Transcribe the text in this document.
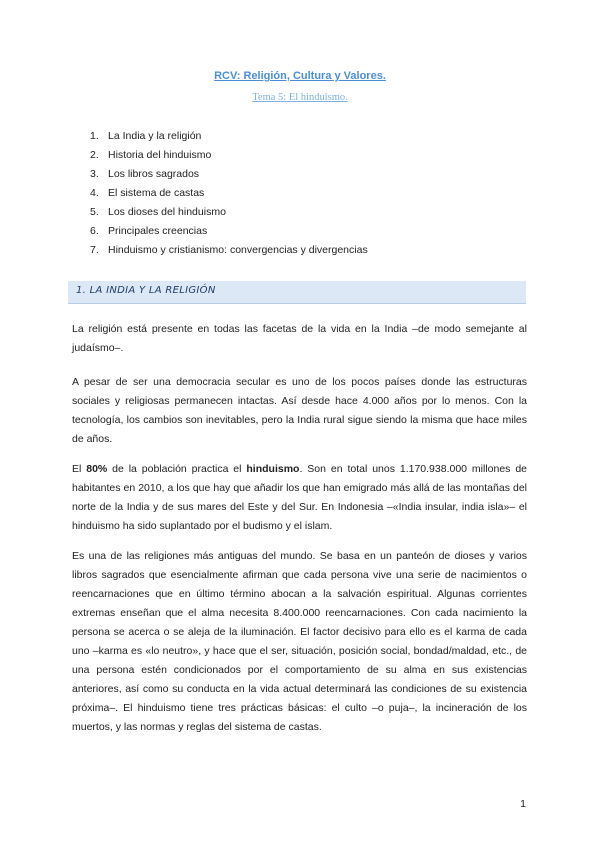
RCV: Religión, Cultura y Valores.
Tema 5: El hinduismo.
1. La India y la religión
2. Historia del hinduismo
3. Los libros sagrados
4. El sistema de castas
5. Los dioses del hinduismo
6. Principales creencias
7. Hinduismo y cristianismo: convergencias y divergencias
1. LA INDIA Y LA RELIGIÓN

La religión está presente en todas las facetas de la vida en la India –de modo semejante al judaísmo–.

A pesar de ser una democracia secular es uno de los pocos países donde las estructuras sociales y religiosas permanecen intactas. Así desde hace 4.000 años por lo menos. Con la tecnología, los cambios son inevitables, pero la India rural sigue siendo la misma que hace miles de años.

El 80% de la población practica el hinduismo. Son en total unos 1.170.938.000 millones de habitantes en 2010, a los que hay que añadir los que han emigrado más allá de las montañas del norte de la India y de sus mares del Este y del Sur. En Indonesia –«India insular, india isla»– el hinduismo ha sido suplantado por el budismo y el islam.

Es una de las religiones más antiguas del mundo. Se basa en un panteón de dioses y varios libros sagrados que esencialmente afirman que cada persona vive una serie de nacimientos o reencarnaciones que en último término abocan a la salvación espiritual. Algunas corrientes extremas enseñan que el alma necesita 8.400.000 reencarnaciones. Con cada nacimiento la persona se acerca o se aleja de la iluminación. El factor decisivo para ello es el karma de cada uno –karma es «lo neutro», y hace que el ser, situación, posición social, bondad/maldad, etc., de una persona estén condicionados por el comportamiento de su alma en sus existencias anteriores, así como su conducta en la vida actual determinará las condiciones de su existencia próxima–. El hinduismo tiene tres prácticas básicas: el culto –o puja–, la incineración de los muertos, y las normas y reglas del sistema de castas.

1
